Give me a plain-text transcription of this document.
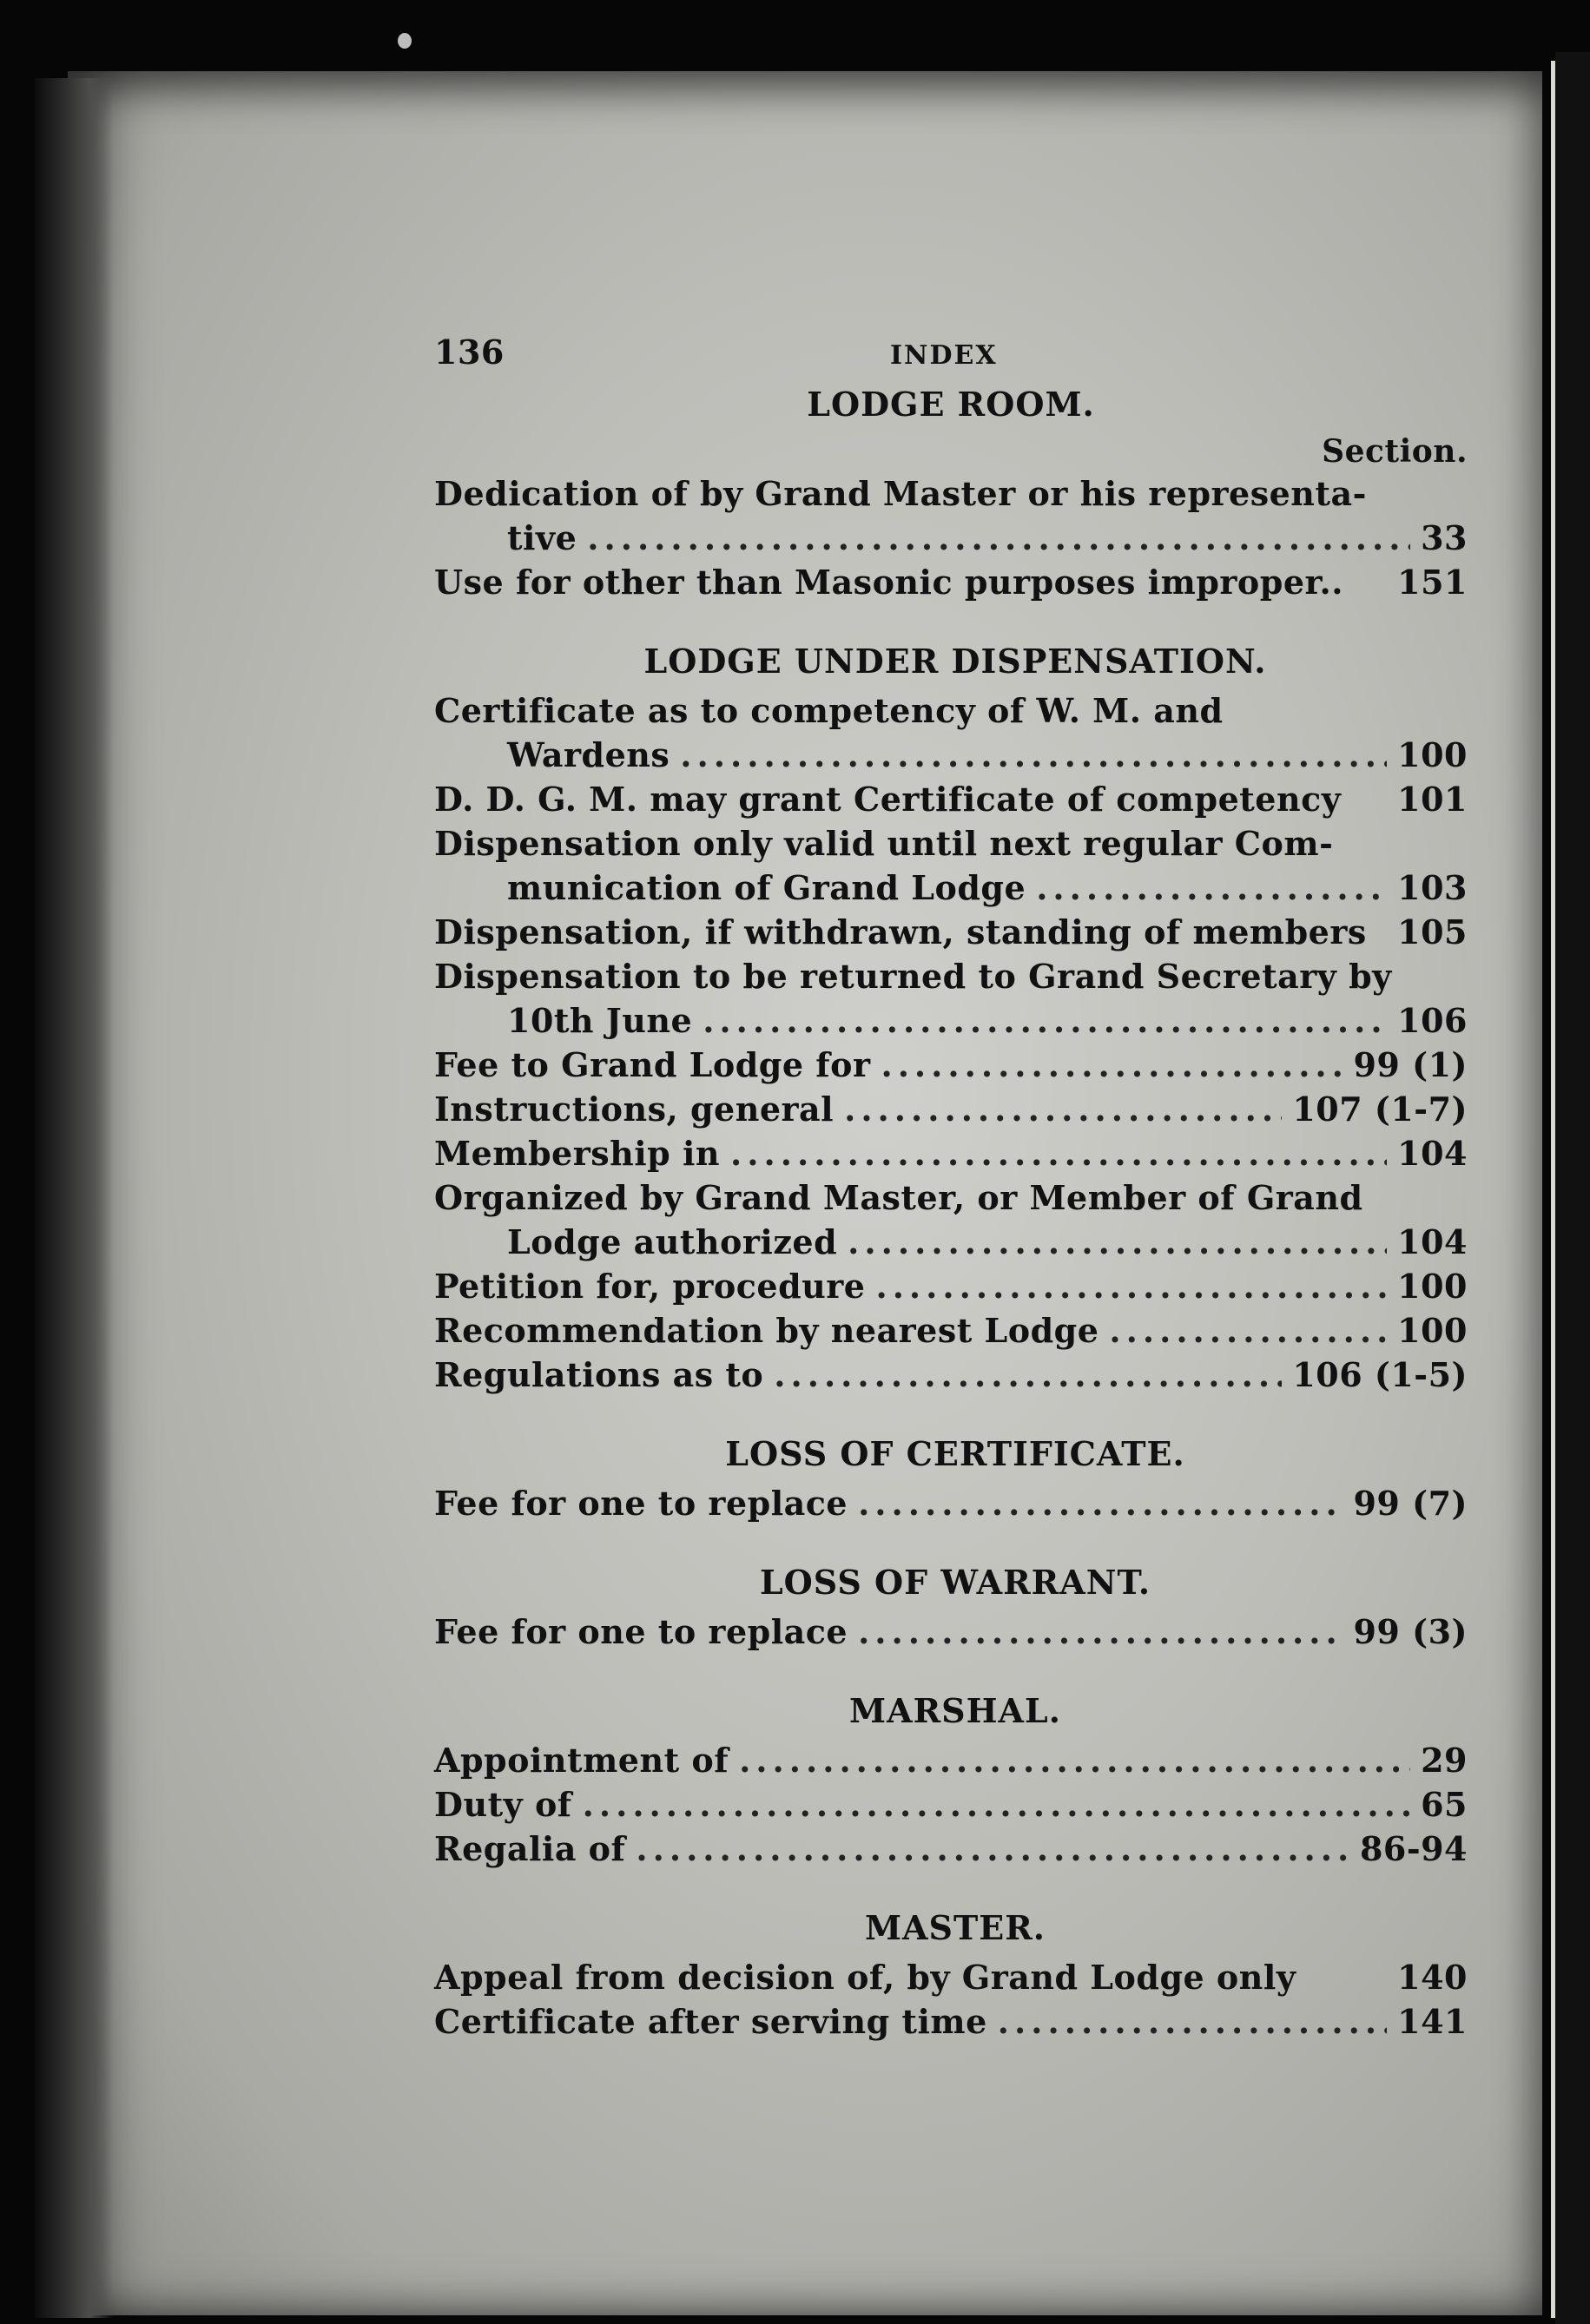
136	INDEX
LODGE ROOM.
Section.
Dedication of by Grand Master or his representa-
tive .....	33
Use for other than Masonic purposes improper.. 151
LODGE UNDER DISPENSATION.
Certificate as to competency of W. M. and
Wardens .....	100
D. D. G. M. may grant Certificate of competency 101
Dispensation only valid until next regular Com-
munication of Grand Lodge .....	103
Dispensation, if withdrawn, standing of members 105
Dispensation to be returned to Grand Secretary by
10th June .....	106
Fee to Grand Lodge for .....	99 (1)
Instructions, general .....	107 (1-7)
Membership in .....	104
Organized by Grand Master, or Member of Grand
Lodge authorized .....	104
Petition for, procedure .....	100
Recommendation by nearest Lodge .....	100
Regulations as to .....	106 (1-5)
LOSS OF CERTIFICATE.
Fee for one to replace .....	99 (7)
LOSS OF WARRANT.
Fee for one to replace .....	99 (3)
MARSHAL.
Appointment of .....	29
Duty of .....	65
Regalia of .....	86-94
MASTER.
Appeal from decision of, by Grand Lodge only	140
Certificate after serving time .....	141
